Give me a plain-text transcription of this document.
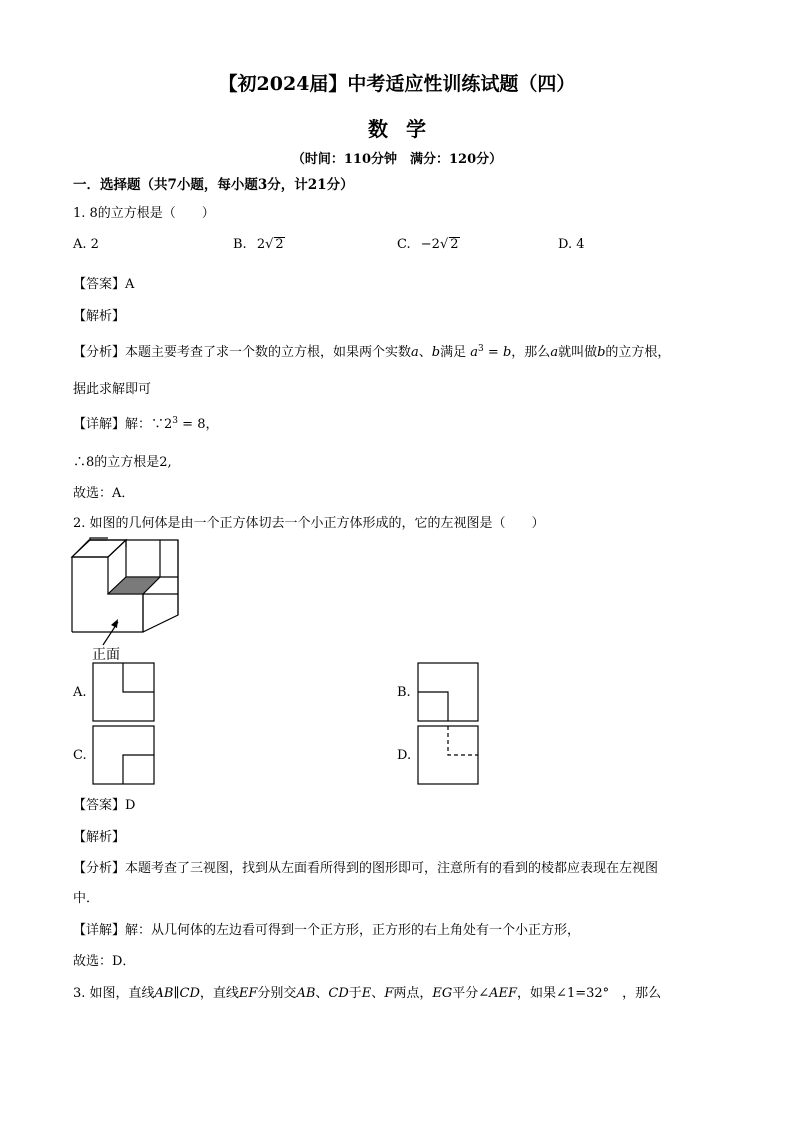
【初2024届】中考适应性训练试题（四）
数学
（时间：110分钟　满分：120分）
一．选择题（共7小题，每小题3分，计21分）
1. 8的立方根是（　　）
A. 2	B. 2√ 2	C. −2√ 2	D. 4
【答案】A
【解析】
【分析】本题主要考查了求一个数的立方根，如果两个实数a、b满足 $a^3 = b$，那么a就叫做b的立方根，
据此求解即可
【详解】解：$\because 2^3 = 8$，
∴8的立方根是2,
故选：A．
2. 如图的几何体是由一个正方体切去一个小正方体形成的，它的左视图是（　　）
正面
A.	B.
C.	D.
【答案】D
【解析】
【分析】本题考查了三视图，找到从左面看所得到的图形即可，注意所有的看到的棱都应表现在左视图
中．
【详解】解：从几何体的左边看可得到一个正方形，正方形的右上角处有一个小正方形，
故选：D．
3. 如图，直线AB∥CD，直线EF分别交AB、CD于E、F两点，EG平分∠AEF，如果∠1=32°　，那么
